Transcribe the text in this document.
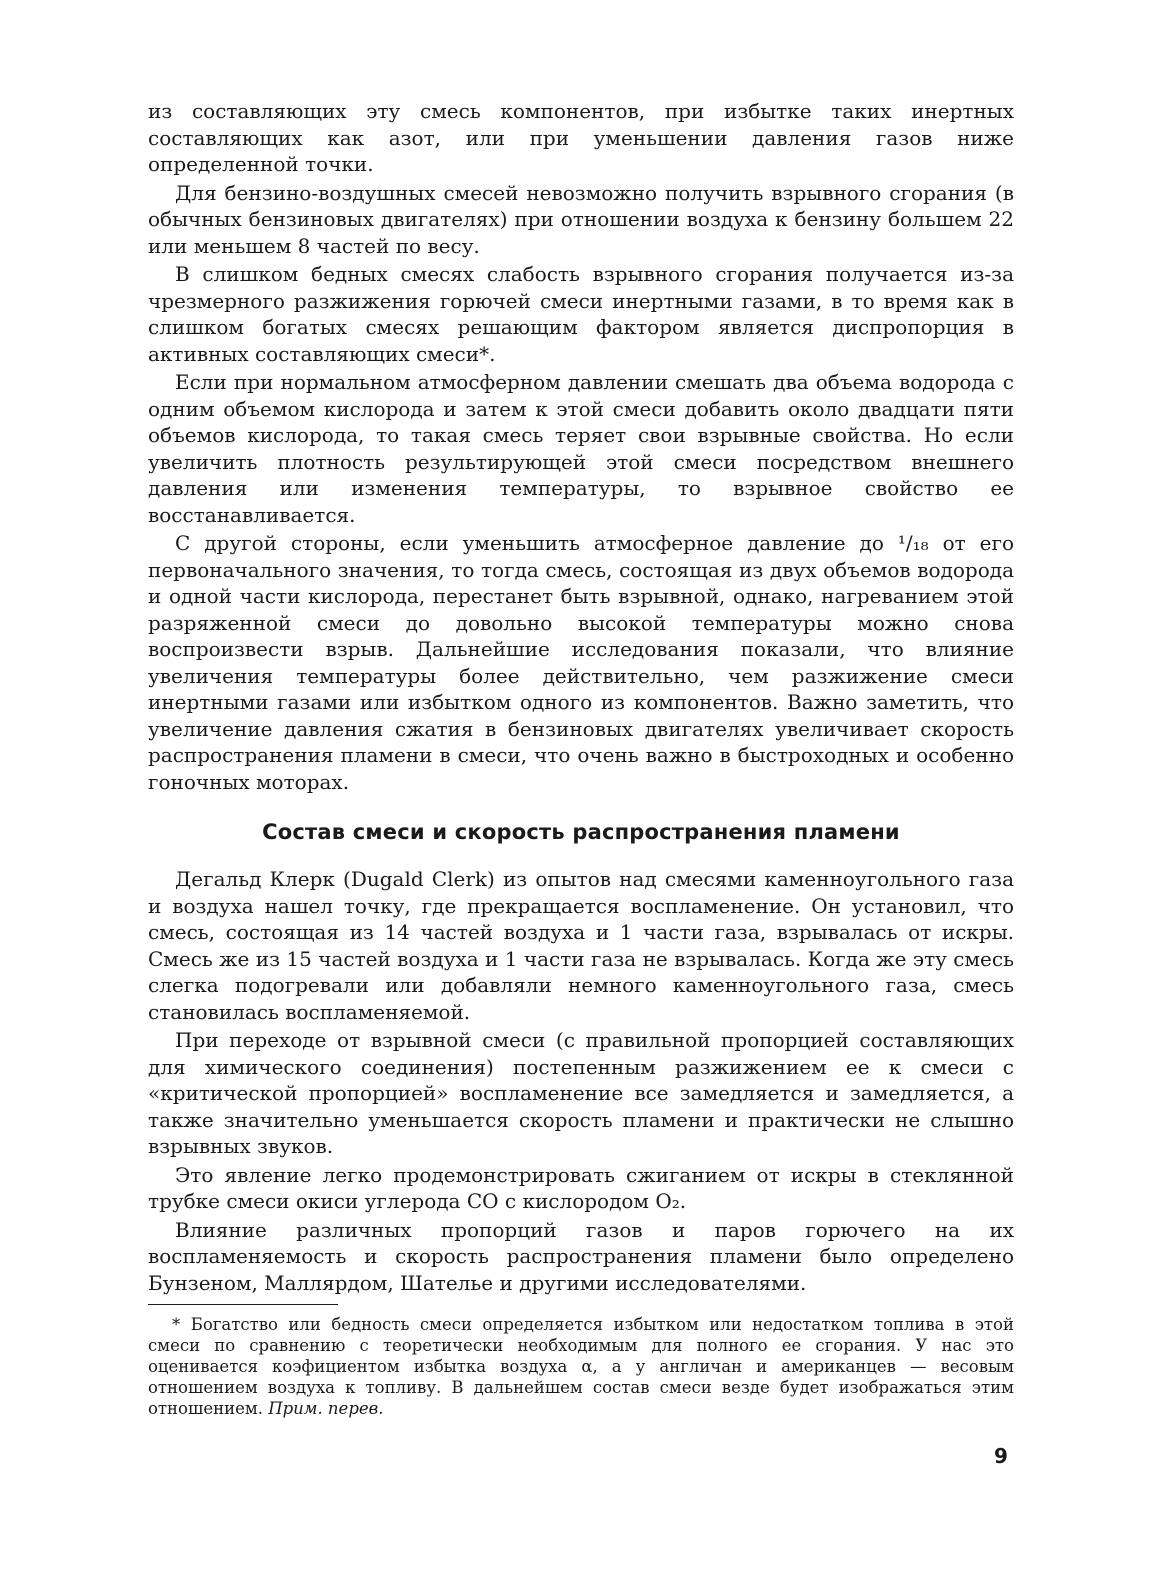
из составляющих эту смесь компонентов, при избытке таких инертных составляющих как азот, или при уменьшении давления газов ниже определенной точки.

Для бензино-воздушных смесей невозможно получить взрывного сгорания (в обычных бензиновых двигателях) при отношении воздуха к бензину большем 22 или меньшем 8 частей по весу.

В слишком бедных смесях слабость взрывного сгорания получается из-за чрезмерного разжижения горючей смеси инертными газами, в то время как в слишком богатых смесях решающим фактором является диспропорция в активных составляющих смеси*.

Если при нормальном атмосферном давлении смешать два объема водорода с одним объемом кислорода и затем к этой смеси добавить около двадцати пяти объемов кислорода, то такая смесь теряет свои взрывные свойства. Но если увеличить плотность результирующей этой смеси посредством внешнего давления или изменения температуры, то взрывное свойство ее восстанавливается.

С другой стороны, если уменьшить атмосферное давление до ¹/₁₈ от его первоначального значения, то тогда смесь, состоящая из двух объемов водорода и одной части кислорода, перестанет быть взрывной, однако, нагреванием этой разряженной смеси до довольно высокой температуры можно снова воспроизвести взрыв. Дальнейшие исследования показали, что влияние увеличения температуры более действительно, чем разжижение смеси инертными газами или избытком одного из компонентов. Важно заметить, что увеличение давления сжатия в бензиновых двигателях увеличивает скорость распространения пламени в смеси, что очень важно в быстроходных и особенно гоночных моторах.

Состав смеси и скорость распространения пламени

Дегальд Клерк (Dugald Clerk) из опытов над смесями каменноугольного газа и воздуха нашел точку, где прекращается воспламенение. Он установил, что смесь, состоящая из 14 частей воздуха и 1 части газа, взрывалась от искры. Смесь же из 15 частей воздуха и 1 части газа не взрывалась. Когда же эту смесь слегка подогревали или добавляли немного каменноугольного газа, смесь становилась воспламеняемой.

При переходе от взрывной смеси (с правильной пропорцией составляющих для химического соединения) постепенным разжижением ее к смеси с «критической пропорцией» воспламенение все замедляется и замедляется, а также значительно уменьшается скорость пламени и практически не слышно взрывных звуков.

Это явление легко продемонстрировать сжиганием от искры в стеклянной трубке смеси окиси углерода СО с кислородом O₂.

Влияние различных пропорций газов и паров горючего на их воспламеняемость и скорость распространения пламени было определено Бунзеном, Маллярдом, Шателье и другими исследователями.

* Богатство или бедность смеси определяется избытком или недостатком топлива в этой смеси по сравнению с теоретически необходимым для полного ее сгорания. У нас это оценивается коэфициентом избытка воздуха α, а у англичан и американцев — весовым отношением воздуха к топливу. В дальнейшем состав смеси везде будет изображаться этим отношением. Прим. перев.
9
